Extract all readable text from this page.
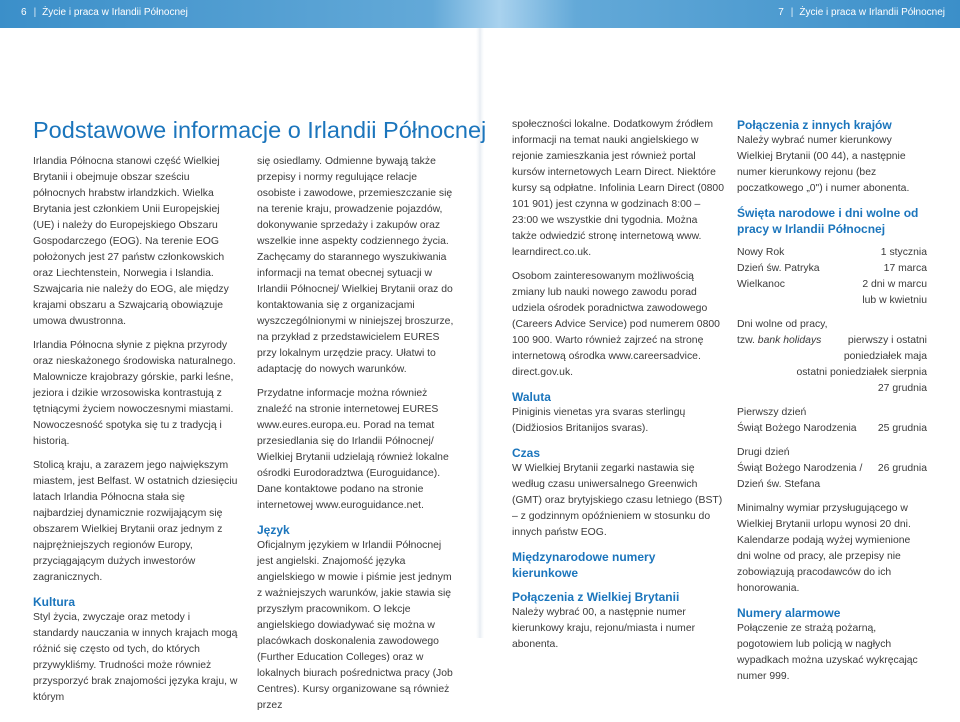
6 | Życie i praca w Irlandii Północnej	7 | Życie i praca w Irlandii Północnej
Podstawowe informacje o Irlandii Północnej

Irlandia Północna stanowi część Wielkiej Brytanii i obejmuje obszar sześciu północnych hrabstw irlandzkich. Wielka Brytania jest członkiem Unii Europejskiej (UE) i należy do Europejskiego Obszaru Gospodarczego (EOG). Na terenie EOG położonych jest 27 państw członkowskich oraz Liechtenstein, Norwegia i Islandia. Szwajcaria nie należy do EOG, ale między krajami obszaru a Szwajcarią obowiązuje umowa dwustronna.

Irlandia Północna słynie z piękna przyrody oraz nieskażonego środowiska naturalnego. Malownicze krajobrazy górskie, parki leśne, jeziora i dzikie wrzosowiska kontrastują z tętniącymi życiem nowoczesnymi miastami. Nowoczesność spotyka się tu z tradycją i historią.

Stolicą kraju, a zarazem jego największym miastem, jest Belfast. W ostatnich dziesięciu latach Irlandia Północna stała się najbardziej dynamicznie rozwijającym się obszarem Wielkiej Brytanii oraz jednym z najprężniejszych regionów Europy, przyciągającym dużych inwestorów zagranicznych.

Kultura

Styl życia, zwyczaje oraz metody i standardy nauczania w innych krajach mogą różnić się często od tych, do których przywykliśmy. Trudności może również przysporzyć brak znajomości języka kraju, w którym

się osiedlamy. Odmienne bywają także przepisy i normy regulujące relacje osobiste i zawodowe, przemieszczanie się na terenie kraju, prowadzenie pojazdów, dokonywanie sprzedaży i zakupów oraz wszelkie inne aspekty codziennego życia. Zachęcamy do starannego wyszukiwania informacji na temat obecnej sytuacji w Irlandii Północnej/ Wielkiej Brytanii oraz do kontaktowania się z organizacjami wyszczególnionymi w niniejszej broszurze, na przykład z przedstawicielem EURES przy lokalnym urzędzie pracy. Ułatwi to adaptację do nowych warunków.

Przydatne informacje można również znaleźć na stronie internetowej EURES www.eures.europa.eu. Porad na temat przesiedlania się do Irlandii Północnej/ Wielkiej Brytanii udzielają również lokalne ośrodki Eurodoradztwa (Euroguidance). Dane kontaktowe podano na stronie internetowej www.euroguidance.net.

Język

Oficjalnym językiem w Irlandii Północnej jest angielski. Znajomość języka angielskiego w mowie i piśmie jest jednym z ważniejszych warunków, jakie stawia się przyszłym pracownikom. O lekcje angielskiego dowiadywać się można w placówkach doskonalenia zawodowego (Further Education Colleges) oraz w lokalnych biurach pośrednictwa pracy (Job Centres). Kursy organizowane są również przez

społeczności lokalne. Dodatkowym źródłem informacji na temat nauki angielskiego w rejonie zamieszkania jest również portal kursów internetowych Learn Direct. Niektóre kursy są odpłatne. Infolinia Learn Direct (0800 101 901) jest czynna w godzinach 8:00 – 23:00 we wszystkie dni tygodnia. Można także odwiedzić stronę internetową www. learndirect.co.uk.

Osobom zainteresowanym możliwością zmiany lub nauki nowego zawodu porad udziela ośrodek poradnictwa zawodowego (Careers Advice Service) pod numerem 0800 100 900. Warto również zajrzeć na stronę internetową ośrodka www.careersadvice. direct.gov.uk.

Waluta

Piniginis vienetas yra svaras sterlingų (Didžiosios Britanijos svaras).

Czas

W Wielkiej Brytanii zegarki nastawia się według czasu uniwersalnego Greenwich (GMT) oraz brytyjskiego czasu letniego (BST) – z godzinnym opóźnieniem w stosunku do innych państw EOG.

Międzynarodowe numery kierunkowe
Połączenia z Wielkiej Brytanii

Należy wybrać 00, a następnie numer kierunkowy kraju, rejonu/miasta i numer abonenta.

Połączenia z innych krajów

Należy wybrać numer kierunkowy Wielkiej Brytanii (00 44), a następnie numer kierunkowy rejonu (bez poczatkowego „0") i numer abonenta.

Święta narodowe i dni wolne od pracy w Irlandii Północnej
Nowy Rok	1 stycznia
Dzień św. Patryka	17 marca
Wielkanoc	2 dni w marcu
lub w kwietniu
Dni wolne od pracy,
tzw. bank holidays	pierwszy i ostatni
poniedziałek maja
ostatni poniedziałek sierpnia
27 grudnia
Pierwszy dzień
Świąt Bożego Narodzenia 25 grudnia
Drugi dzień
Świąt Bożego Narodzenia / 26 grudnia
Dzień św. Stefana

Minimalny wymiar przysługującego w Wielkiej Brytanii urlopu wynosi 20 dni. Kalendarze podają wyżej wymienione dni wolne od pracy, ale przepisy nie zobowiązują pracodawców do ich honorowania.

Numery alarmowe

Połączenie ze strażą pożarną, pogotowiem lub policją w nagłych wypadkach można uzyskać wykręcając numer 999.
